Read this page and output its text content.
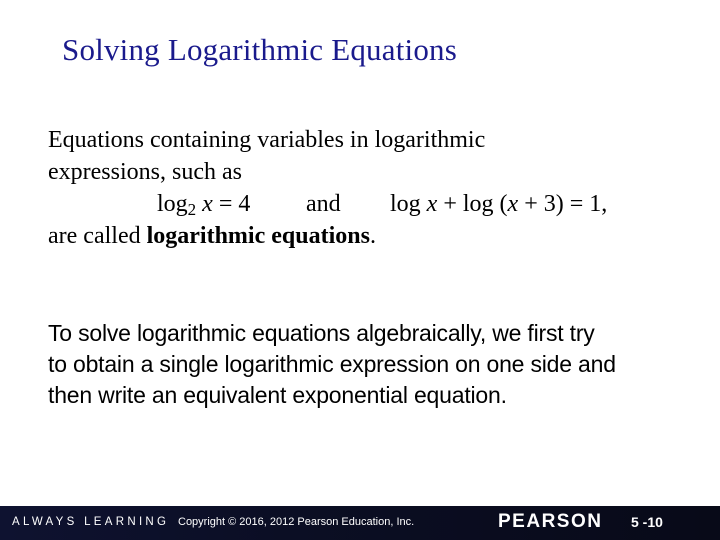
Solving Logarithmic Equations
Equations containing variables in logarithmic
expressions, such as
$\log_2 x = 4$ and log x + log (x + 3) = 1,
are called logarithmic equations.
To solve logarithmic equations algebraically, we first try
to obtain a single logarithmic expression on one side and
then write an equivalent exponential equation.
ALWAYS LEARNING Copyright © 2016, 2012 Pearson Education, Inc.	PEARSON 5 -10
